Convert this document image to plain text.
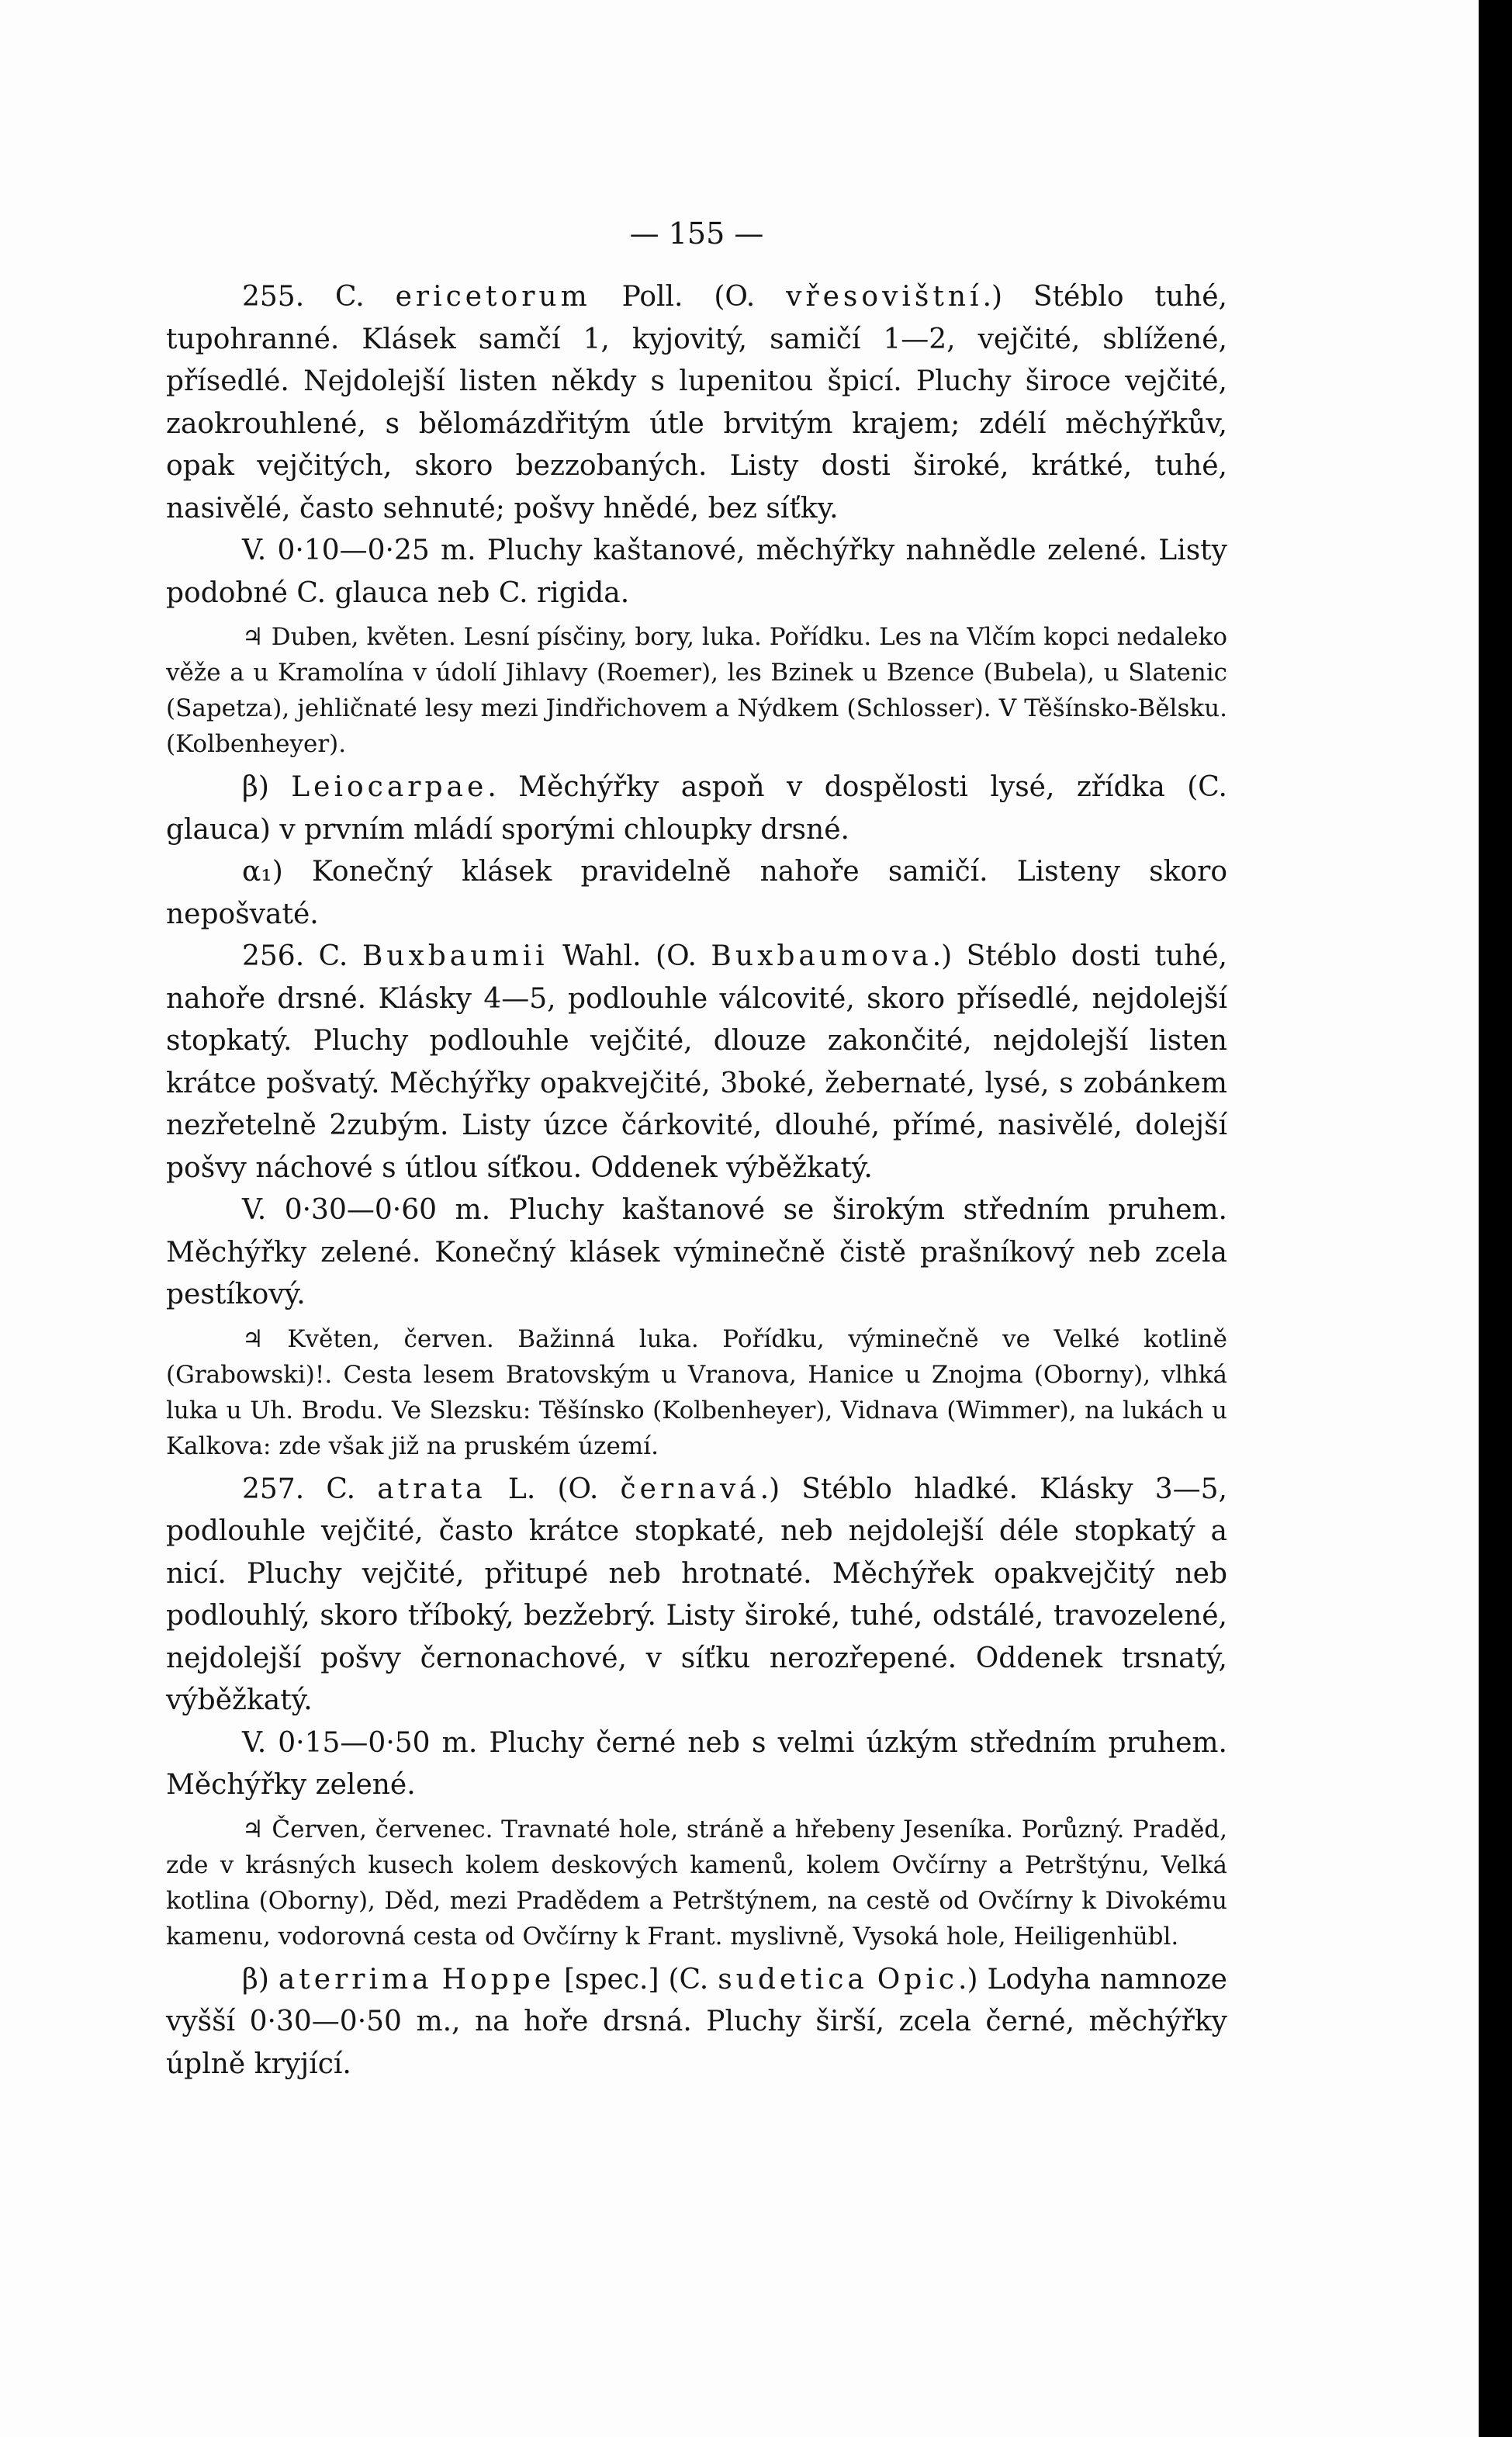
— 155 —

255. C. ericetorum Poll. (O. vřesovištní.) Stéblo tuhé, tupohranné. Klásek samčí 1, kyjovitý, samičí 1—2, vejčité, sblížené, přísedlé. Nejdolejší listen někdy s lupenitou špicí. Pluchy široce vejčité, zaokrouhlené, s bělomázdřitým útle brvitým krajem; zdélí měchýřkův, opak vejčitých, skoro bezzobaných. Listy dosti široké, krátké, tuhé, nasivělé, často sehnuté; pošvy hnědé, bez síťky.

V. 0·10—0·25 m. Pluchy kaštanové, měchýřky nahnědle zelené. Listy podobné C. glauca neb C. rigida.

♃ Duben, květen. Lesní písčiny, bory, luka. Pořídku. Les na Vlčím kopci nedaleko věže a u Kramolína v údolí Jihlavy (Roemer), les Bzinek u Bzence (Bubela), u Slatenic (Sapetza), jehličnaté lesy mezi Jindřichovem a Nýdkem (Schlosser). V Těšínsko-Bělsku. (Kolbenheyer).

β) Leiocarpae. Měchýřky aspoň v dospělosti lysé, zřídka (C. glauca) v prvním mládí sporými chloupky drsné.

α₁) Konečný klásek pravidelně nahoře samičí. Listeny skoro nepošvaté.

256. C. Buxbaumii Wahl. (O. Buxbaumova.) Stéblo dosti tuhé, nahoře drsné. Klásky 4—5, podlouhle válcovité, skoro přísedlé, nejdolejší stopkatý. Pluchy podlouhle vejčité, dlouze zakončité, nejdolejší listen krátce pošvatý. Měchýřky opakvejčité, 3boké, žebernaté, lysé, s zobánkem nezřetelně 2zubým. Listy úzce čárkovité, dlouhé, přímé, nasivělé, dolejší pošvy náchové s útlou síťkou. Oddenek výběžkatý.

V. 0·30—0·60 m. Pluchy kaštanové se širokým středním pruhem. Měchýřky zelené. Konečný klásek výminečně čistě prašníkový neb zcela pestíkový.

♃ Květen, červen. Bažinná luka. Pořídku, výminečně ve Velké kotlině (Grabowski)!. Cesta lesem Bratovským u Vranova, Hanice u Znojma (Oborny), vlhká luka u Uh. Brodu. Ve Slezsku: Těšínsko (Kolbenheyer), Vidnava (Wimmer), na lukách u Kalkova: zde však již na pruském území.

257. C. atrata L. (O. černavá.) Stéblo hladké. Klásky 3—5, podlouhle vejčité, často krátce stopkaté, neb nejdolejší déle stopkatý a nicí. Pluchy vejčité, přitupé neb hrotnaté. Měchýřek opakvejčitý neb podlouhlý, skoro tříboký, bezžebrý. Listy široké, tuhé, odstálé, travozelené, nejdolejší pošvy černonachové, v síťku nerozřepené. Oddenek trsnatý, výběžkatý.

V. 0·15—0·50 m. Pluchy černé neb s velmi úzkým středním pruhem. Měchýřky zelené.

♃ Červen, červenec. Travnaté hole, stráně a hřebeny Jeseníka. Porůzný. Praděd, zde v krásných kusech kolem deskových kamenů, kolem Ovčírny a Petrštýnu, Velká kotlina (Oborny), Děd, mezi Pradědem a Petrštýnem, na cestě od Ovčírny k Divokému kamenu, vodorovná cesta od Ovčírny k Frant. myslivně, Vysoká hole, Heiligenhübl.

β) aterrima Hoppe [spec.] (C. sudetica Opic.) Lodyha namnoze vyšší 0·30—0·50 m., na hoře drsná. Pluchy širší, zcela černé, měchýřky úplně kryjící.
